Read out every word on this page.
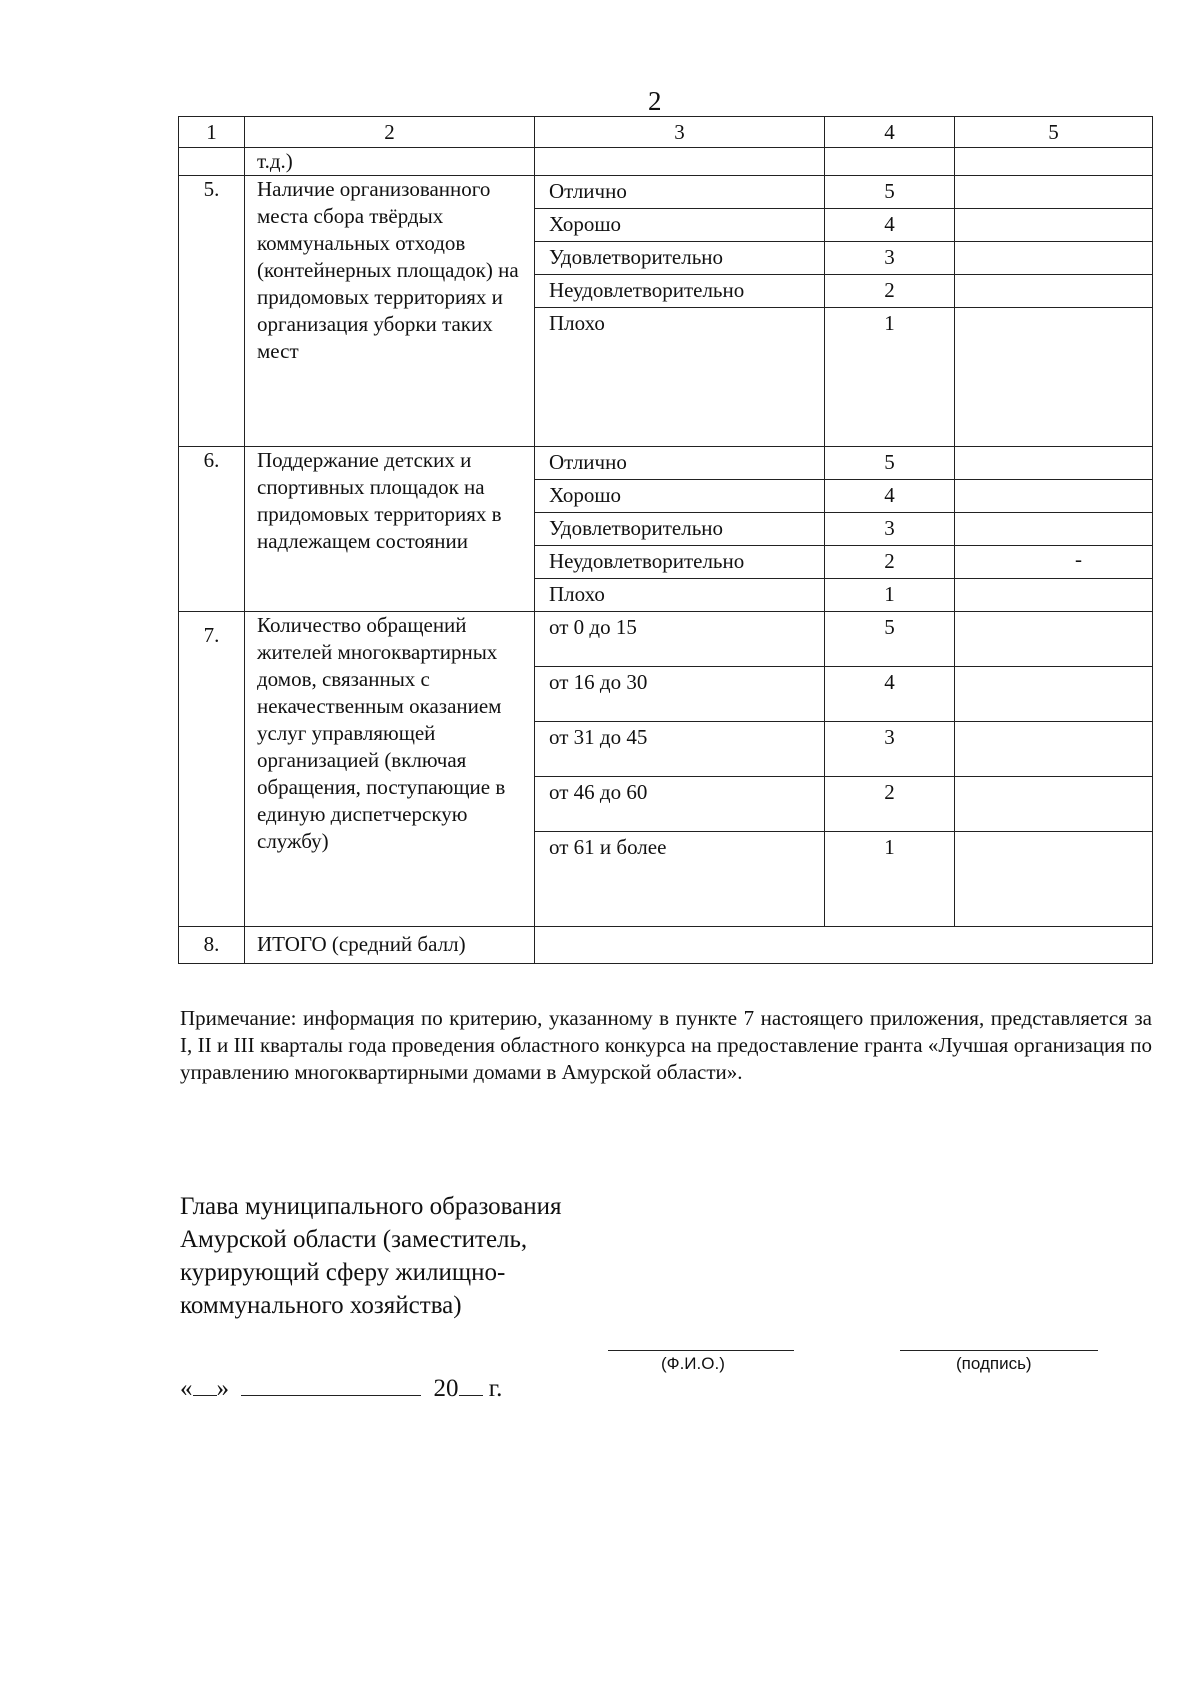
2
1	2	3	4	5
	т.д.)			
5.	Наличие организованного места сбора твёрдых коммунальных отходов (контейнерных площадок) на придомовых территориях и организация уборки таких мест	Отлично	5	
		Хорошо	4	
		Удовлетворительно	3	
		Неудовлетворительно	2	
		Плохо	1	
6.	Поддержание детских и спортивных площадок на придомовых территориях в надлежащем состоянии	Отлично	5	
		Хорошо	4	
		Удовлетворительно	3	
		Неудовлетворительно	2	-
		Плохо	1	
7.	Количество обращений жителей многоквартирных домов, связанных с некачественным оказанием услуг управляющей организацией (включая обращения, поступающие в единую диспетчерскую службу)	от 0 до 15	5	
		от 16 до 30	4	
		от 31 до 45	3	
		от 46 до 60	2	
		от 61 и более	1	
8.	ИТОГО (средний балл)			
Примечание: информация по критерию, указанному в пункте 7 настоящего приложения, представляется за I, II и III кварталы года проведения областного конкурса на предоставление гранта «Лучшая организация по управлению многоквартирными домами в Амурской области».
Глава муниципального образования Амурской области (заместитель, курирующий сферу жилищно-коммунального хозяйства)
(Ф.И.О.)	(подпись)
« »	20 г.
